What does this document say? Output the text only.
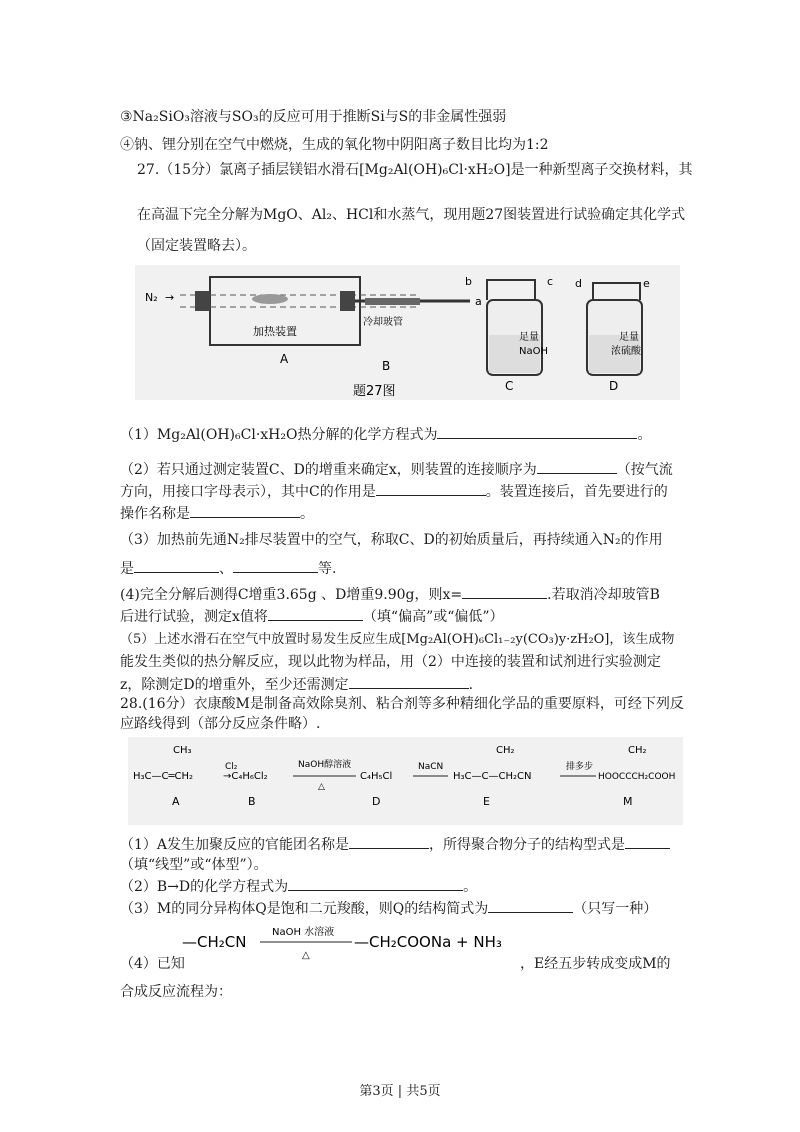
③Na₂SiO₃溶液与SO₃的反应可用于推断Si与S的非金属性强弱
④钠、锂分别在空气中燃烧，生成的氧化物中阴阳离子数目比均为1:2
27.（15分）氯离子插层镁铝水滑石[Mg₂Al(OH)₆Cl·xH₂O]是一种新型离子交换材料，其
在高温下完全分解为MgO、Al₂、HCl和水蒸气，现用题27图装置进行试验确定其化学式
（固定装置略去）。
N₂ →
加热装置
A
冷却玻管
B
a
b	c
足量
NaOH
C
d	e
足量
浓硫酸
D
题27图
（1）Mg₂Al(OH)₆Cl·xH₂O热分解的化学方程式为	。
（2）若只通过测定装置C、D的增重来确定x，则装置的连接顺序为	（按气流
方向，用接口字母表示），其中C的作用是	。装置连接后，首先要进行的
操作名称是	。
（3）加热前先通N₂排尽装置中的空气，称取C、D的初始质量后，再持续通入N₂的作用
是	、	等.
(4)完全分解后测得C增重3.65g 、D增重9.90g，则x=	.若取消冷却玻管B
后进行试验，测定x值将	（填“偏高”或“偏低”）
（5）上述水滑石在空气中放置时易发生反应生成[Mg₂Al(OH)₆Cl₁₋₂y(CO₃)y·zH₂O]，该生成物
能发生类似的热分解反应，现以此物为样品，用（2）中连接的装置和试剂进行实验测定
z，除测定D的增重外，至少还需测定	.
28.(16分）衣康酸M是制备高效除臭剂、粘合剂等多种精细化学品的重要原料，可经下列反
应路线得到（部分反应条件略）.
CH₃
H₃C—C═CH₂
Cl₂
→C₄H₆Cl₂
NaOH醇溶液
△
C₄H₅Cl
NaCN
CH₂
H₃C—C—CH₂CN
排多步
CH₂
HOOCCCH₂COOH
A	B	D	E	M
（1）A发生加聚反应的官能团名称是	，所得聚合物分子的结构型式是
（填“线型”或“体型”）。
（2）B→D的化学方程式为	。
（3）M的同分异构体Q是饱和二元羧酸，则Q的结构简式为	（只写一种）
—CH₂CN
NaOH 水溶液
△
—CH₂COONa + NH₃
（4）已知	，E经五步转成变成M的
合成反应流程为：
第3页 | 共5页
